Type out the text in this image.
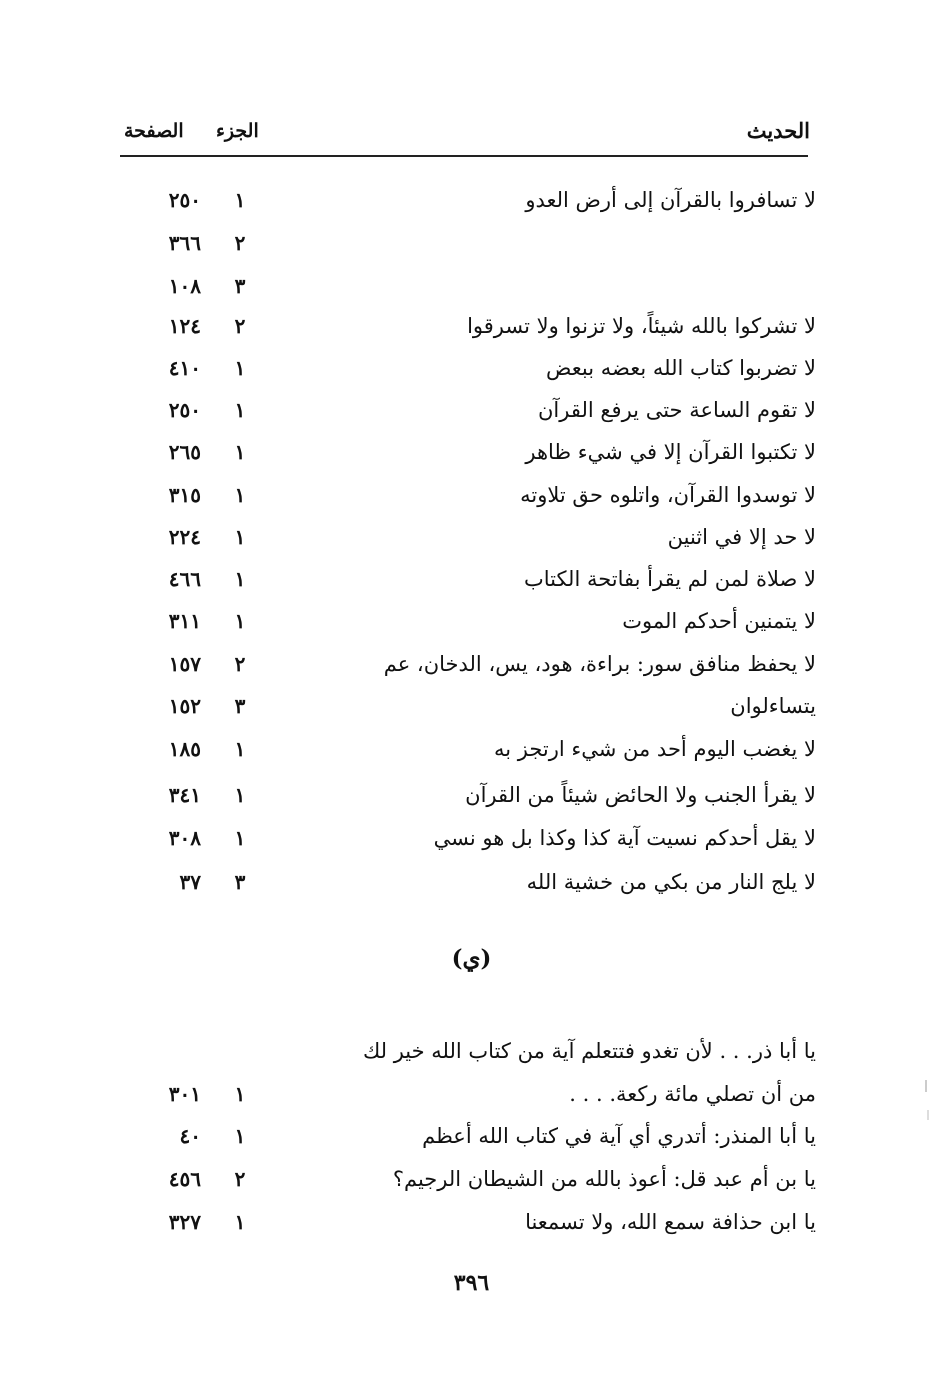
الحديث
الجزء
الصفحة
لا تسافروا بالقرآن إلى أرض العدو
١
٢٥٠
٢
٣٦٦
٣
١٠٨
لا تشركوا بالله شيئاً، ولا تزنوا ولا تسرقوا
٢
١٢٤
لا تضربوا كتاب الله بعضه ببعض
١
٤١٠
لا تقوم الساعة حتى يرفع القرآن
١
٢٥٠
لا تكتبوا القرآن إلا في شيء ظاهر
١
٢٦٥
لا توسدوا القرآن، واتلوه حق تلاوته
١
٣١٥
لا حد إلا في اثنين
١
٢٢٤
لا صلاة لمن لم يقرأ بفاتحة الكتاب
١
٤٦٦
لا يتمنين أحدكم الموت
١
٣١١
لا يحفظ منافق سور: براءة، هود، يس، الدخان، عم
٢
١٥٧
يتساءلوان
٣
١٥٢
لا يغضب اليوم أحد من شيء ارتجز به
١
١٨٥
لا يقرأ الجنب ولا الحائض شيئاً من القرآن
١
٣٤١
لا يقل أحدكم نسيت آية كذا وكذا بل هو نسي
١
٣٠٨
لا يلج النار من بكي من خشية الله
٣
٣٧
(ي)
يا أبا ذر. . . لأن تغدو فتتعلم آية من كتاب الله خير لك
من أن تصلي مائة ركعة. . . .
١
٣٠١
يا أبا المنذر: أتدري أي آية في كتاب الله أعظم
١
٤٠
يا بن أم عبد قل: أعوذ بالله من الشيطان الرجيم؟
٢
٤٥٦
يا ابن حذافة سمع الله، ولا تسمعنا
١
٣٢٧
٣٩٦
